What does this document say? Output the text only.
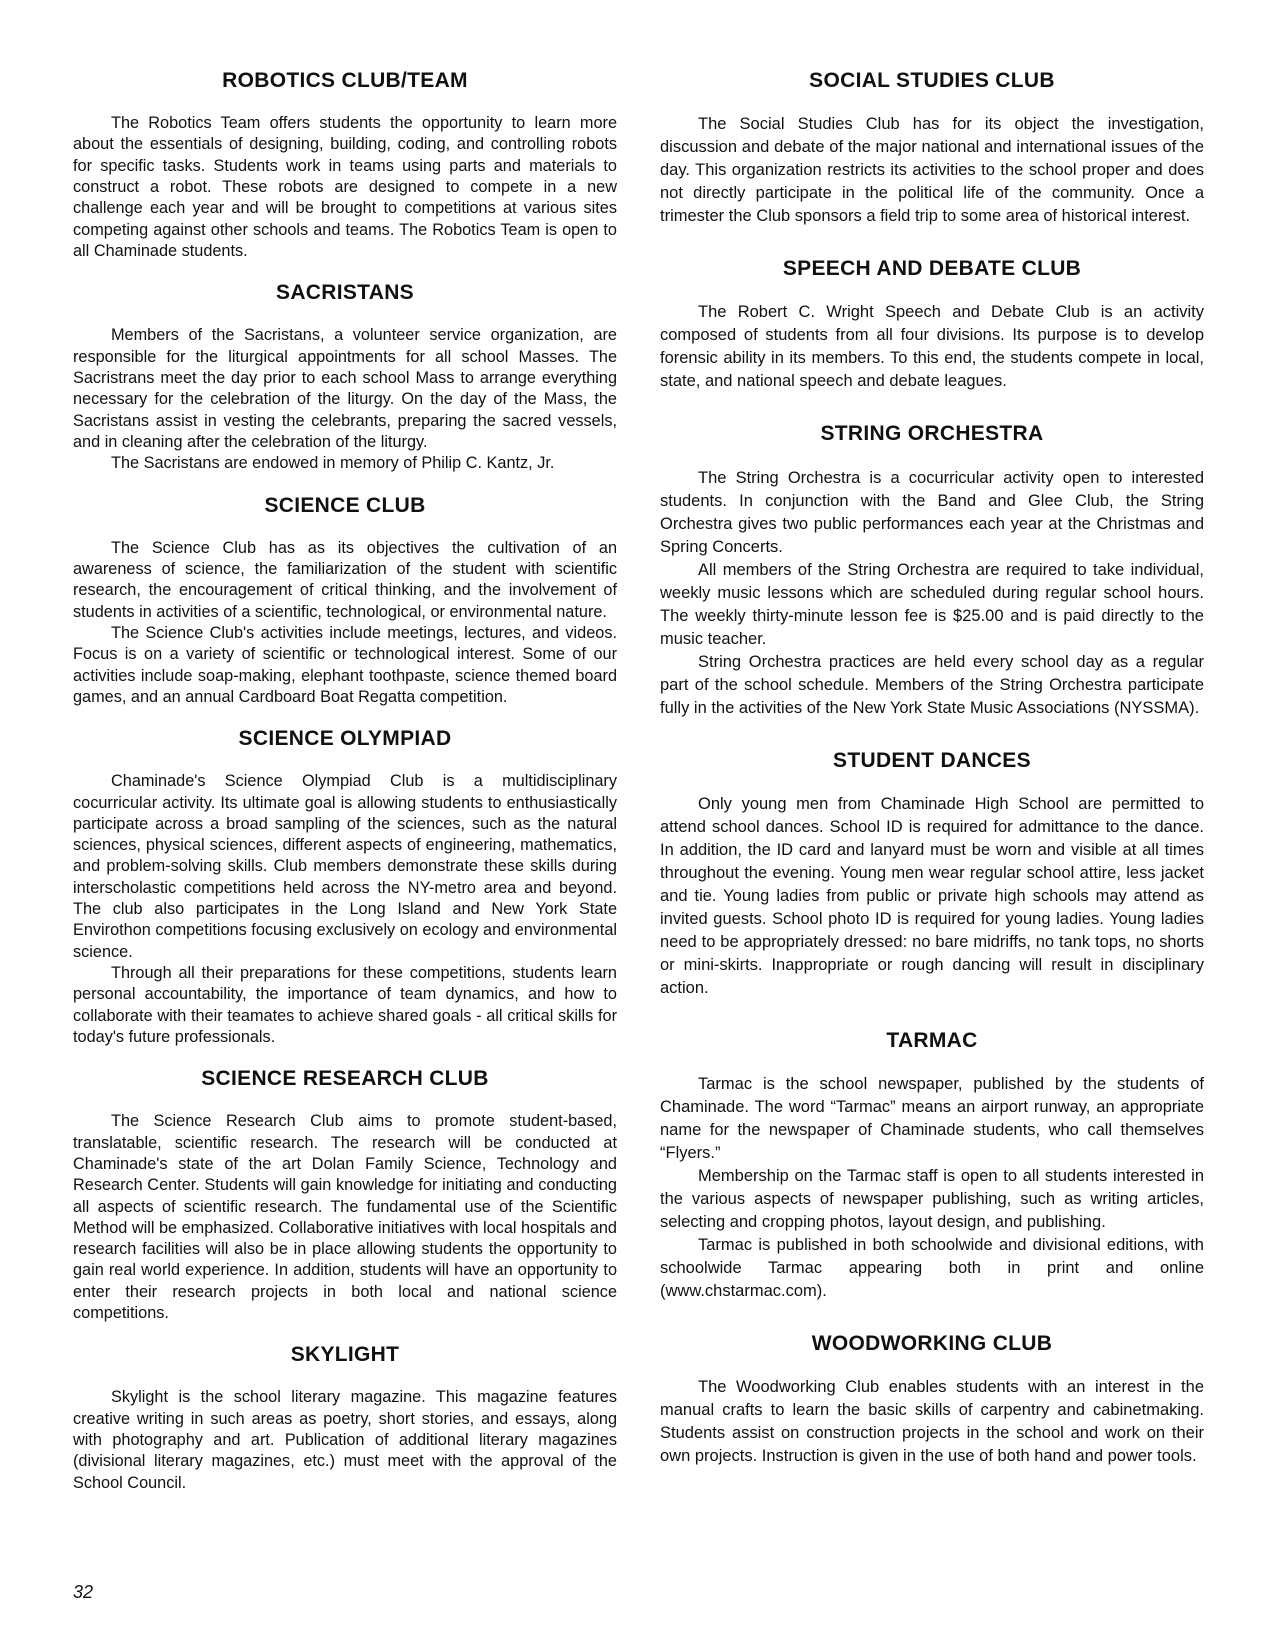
ROBOTICS CLUB/TEAM

The Robotics Team offers students the opportunity to learn more about the essentials of designing, building, coding, and controlling robots for specific tasks. Students work in teams using parts and materials to construct a robot. These robots are designed to compete in a new challenge each year and will be brought to competitions at various sites competing against other schools and teams. The Robotics Team is open to all Chaminade students.

SACRISTANS

Members of the Sacristans, a volunteer service organization, are responsible for the liturgical appointments for all school Masses. The Sacristrans meet the day prior to each school Mass to arrange everything necessary for the celebration of the liturgy. On the day of the Mass, the Sacristans assist in vesting the celebrants, preparing the sacred vessels, and in cleaning after the celebration of the liturgy.

The Sacristans are endowed in memory of Philip C. Kantz, Jr.

SCIENCE CLUB

The Science Club has as its objectives the cultivation of an awareness of science, the familiarization of the student with scientific research, the encouragement of critical thinking, and the involvement of students in activities of a scientific, technological, or environmental nature.

The Science Club's activities include meetings, lectures, and videos. Focus is on a variety of scientific or technological interest. Some of our activities include soap-making, elephant toothpaste, science themed board games, and an annual Cardboard Boat Regatta competition.

SCIENCE OLYMPIAD

Chaminade's Science Olympiad Club is a multidisciplinary cocurricular activity. Its ultimate goal is allowing students to enthusiastically participate across a broad sampling of the sciences, such as the natural sciences, physical sciences, different aspects of engineering, mathematics, and problem-solving skills. Club members demonstrate these skills during interscholastic competitions held across the NY-metro area and beyond. The club also participates in the Long Island and New York State Envirothon competitions focusing exclusively on ecology and environmental science.

Through all their preparations for these competitions, students learn personal accountability, the importance of team dynamics, and how to collaborate with their teamates to achieve shared goals - all critical skills for today's future professionals.

SCIENCE RESEARCH CLUB

The Science Research Club aims to promote student-based, translatable, scientific research. The research will be conducted at Chaminade's state of the art Dolan Family Science, Technology and Research Center. Students will gain knowledge for initiating and conducting all aspects of scientific research. The fundamental use of the Scientific Method will be emphasized. Collaborative initiatives with local hospitals and research facilities will also be in place allowing students the opportunity to gain real world experience. In addition, students will have an opportunity to enter their research projects in both local and national science competitions.

SKYLIGHT

Skylight is the school literary magazine. This magazine features creative writing in such areas as poetry, short stories, and essays, along with photography and art. Publication of additional literary magazines (divisional literary magazines, etc.) must meet with the approval of the School Council.

SOCIAL STUDIES CLUB

The Social Studies Club has for its object the investigation, discussion and debate of the major national and international issues of the day. This organization restricts its activities to the school proper and does not directly participate in the political life of the community. Once a trimester the Club sponsors a field trip to some area of historical interest.

SPEECH AND DEBATE CLUB

The Robert C. Wright Speech and Debate Club is an activity composed of students from all four divisions. Its purpose is to develop forensic ability in its members. To this end, the students compete in local, state, and national speech and debate leagues.

STRING ORCHESTRA

The String Orchestra is a cocurricular activity open to interested students. In conjunction with the Band and Glee Club, the String Orchestra gives two public performances each year at the Christmas and Spring Concerts.

All members of the String Orchestra are required to take individual, weekly music lessons which are scheduled during regular school hours. The weekly thirty-minute lesson fee is $25.00 and is paid directly to the music teacher.

String Orchestra practices are held every school day as a regular part of the school schedule. Members of the String Orchestra participate fully in the activities of the New York State Music Associations (NYSSMA).

STUDENT DANCES

Only young men from Chaminade High School are permitted to attend school dances. School ID is required for admittance to the dance. In addition, the ID card and lanyard must be worn and visible at all times throughout the evening. Young men wear regular school attire, less jacket and tie. Young ladies from public or private high schools may attend as invited guests. School photo ID is required for young ladies. Young ladies need to be appropriately dressed: no bare midriffs, no tank tops, no shorts or mini-skirts. Inappropriate or rough dancing will result in disciplinary action.

TARMAC

Tarmac is the school newspaper, published by the students of Chaminade. The word “Tarmac” means an airport runway, an appropriate name for the newspaper of Chaminade students, who call themselves “Flyers.”

Membership on the Tarmac staff is open to all students interested in the various aspects of newspaper publishing, such as writing articles, selecting and cropping photos, layout design, and publishing.

Tarmac is published in both schoolwide and divisional editions, with schoolwide Tarmac appearing both in print and online (www.chstarmac.com).

WOODWORKING CLUB

The Woodworking Club enables students with an interest in the manual crafts to learn the basic skills of carpentry and cabinetmaking. Students assist on construction projects in the school and work on their own projects. Instruction is given in the use of both hand and power tools.

32
